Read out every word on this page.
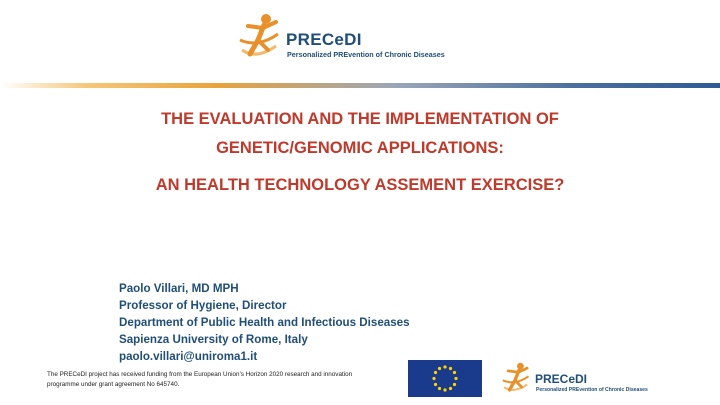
PRECeDI
Personalized PREvention of Chronic Diseases
THE EVALUATION AND THE IMPLEMENTATION OF
GENETIC/GENOMIC APPLICATIONS:
AN HEALTH TECHNOLOGY ASSEMENT EXERCISE?
Paolo Villari, MD MPH
Professor of Hygiene, Director
Department of Public Health and Infectious Diseases
Sapienza University of Rome, Italy
paolo.villari@uniroma1.it
The PRECeDI project has received funding from the European Union’s Horizon 2020 research and innovation
programme under grant agreement No 645740.	PRECeDI
Personalized PREvention of Chronic Diseases
